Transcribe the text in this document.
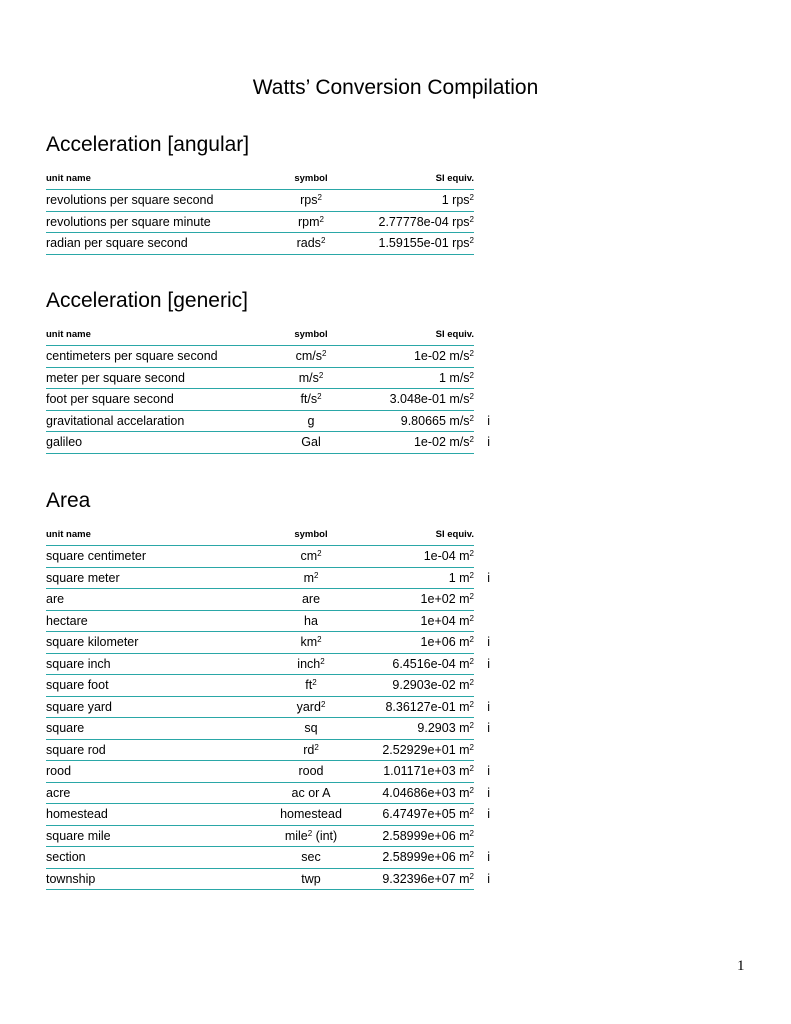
Watts’ Conversion Compilation
Acceleration [angular]
unit name	symbol	SI equiv.	
revolutions per square second	rps$^2$	1 rps$^2$	
revolutions per square minute	rpm$^2$	2.77778e-04 rps$^2$	
radian per square second	rads$^2$	1.59155e-01 rps$^2$	
Acceleration [generic]
unit name	symbol	SI equiv.	
centimeters per square second	$cm/s^2$	1e-02 $m/s^2$	
meter per square second	$m/s^2$	1 $m/s^2$	
foot per square second	$ft/s^2$	3.048e-01 $m/s^2$	
gravitational accelaration	g	9.80665 $m/s^2$	i
galileo	Gal	1e-02 $m/s^2$	i
Area
unit name	symbol	SI equiv.	
square centimeter	$cm^2$	1e-04 $m^2$	
square meter	$m^2$	1 $m^2$	i
are	are	1e+02 $m^2$	
hectare	ha	1e+04 $m^2$	
square kilometer	$km^2$	1e+06 $m^2$	i
square inch	inch$^2$	6.4516e-04 $m^2$	i
square foot	$ft^2$	9.2903e-02 $m^2$	
square yard	yard$^2$	8.36127e-01 $m^2$	i
square	sq	9.2903 $m^2$	i
square rod	$rd^2$	2.52929e+01 $m^2$	
rood	rood	1.01171e+03 $m^2$	i
acre	ac or A	4.04686e+03 $m^2$	i
homestead	homestead	6.47497e+05 $m^2$	i
square mile	mile$^2$ (int)	2.58999e+06 $m^2$	
section	sec	2.58999e+06 $m^2$	i
township	twp	9.32396e+07 $m^2$	i
1
